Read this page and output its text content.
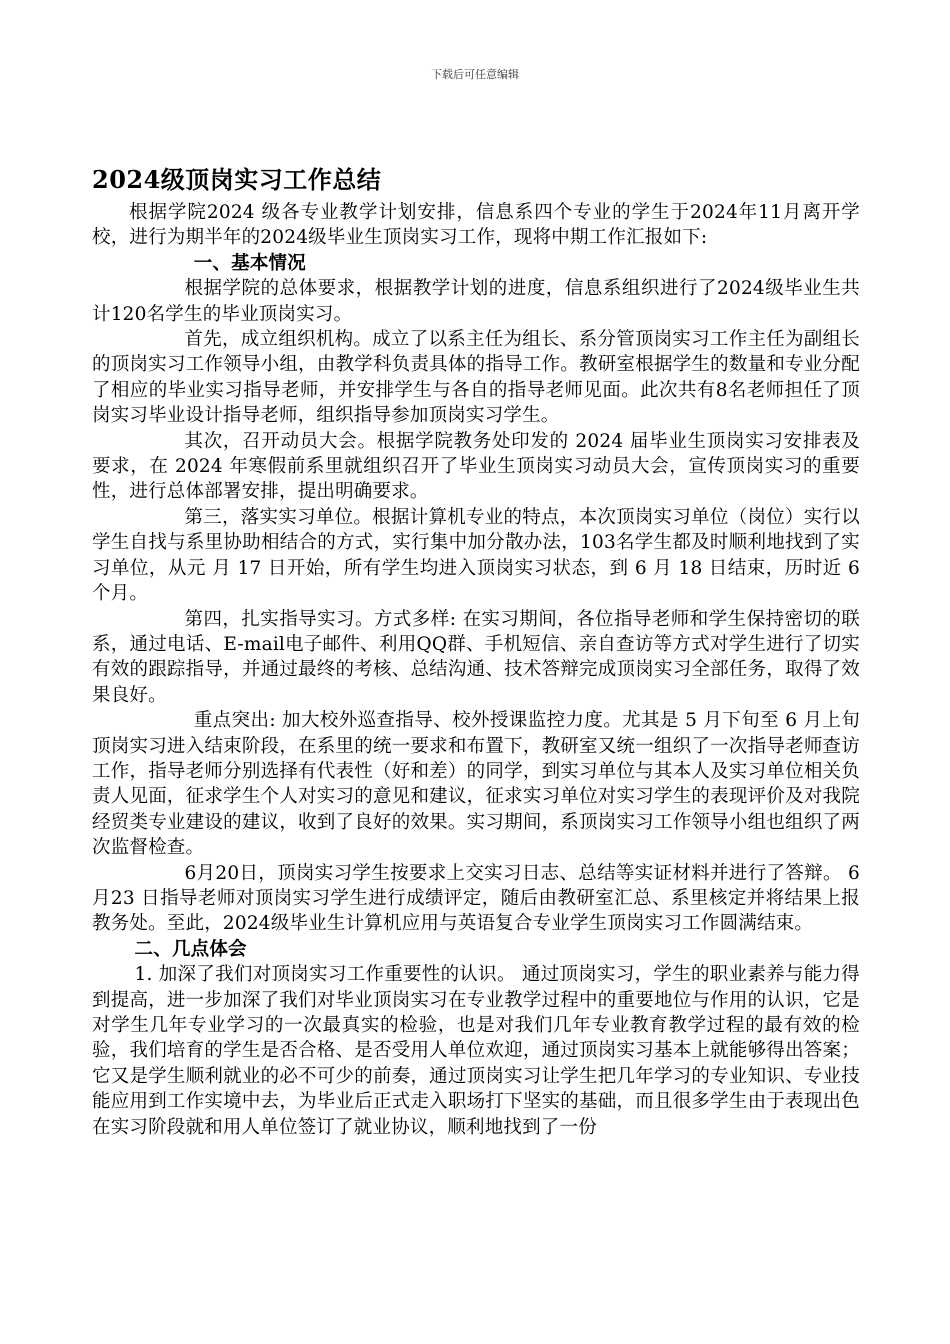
下载后可任意编辑
2024级顶岗实习工作总结

根据学院2024 级各专业教学计划安排，信息系四个专业的学生于2024年11月离开学校，进行为期半年的2024级毕业生顶岗实习工作，现将中期工作汇报如下:

一、基本情况

根据学院的总体要求，根据教学计划的进度，信息系组织进行了2024级毕业生共计120名学生的毕业顶岗实习。

首先，成立组织机构。成立了以系主任为组长、系分管顶岗实习工作主任为副组长的顶岗实习工作领导小组，由教学科负责具体的指导工作。教研室根据学生的数量和专业分配了相应的毕业实习指导老师，并安排学生与各自的指导老师见面。此次共有8名老师担任了顶岗实习毕业设计指导老师，组织指导参加顶岗实习学生。

其次，召开动员大会。根据学院教务处印发的 2024 届毕业生顶岗实习安排表及要求，在 2024 年寒假前系里就组织召开了毕业生顶岗实习动员大会，宣传顶岗实习的重要性，进行总体部署安排，提出明确要求。

第三，落实实习单位。根据计算机专业的特点，本次顶岗实习单位（岗位）实行以学生自找与系里协助相结合的方式，实行集中加分散办法，103名学生都及时顺利地找到了实习单位，从元 月 17 日开始，所有学生均进入顶岗实习状态，到 6 月 18 日结束，历时近 6个月。

第四，扎实指导实习。方式多样: 在实习期间，各位指导老师和学生保持密切的联系，通过电话、E-mail电子邮件、利用QQ群、手机短信、亲自查访等方式对学生进行了切实有效的跟踪指导，并通过最终的考核、总结沟通、技术答辩完成顶岗实习全部任务，取得了效果良好。

重点突出: 加大校外巡查指导、校外授课监控力度。尤其是 5 月下旬至 6 月上旬顶岗实习进入结束阶段，在系里的统一要求和布置下，教研室又统一组织了一次指导老师查访工作，指导老师分别选择有代表性（好和差）的同学，到实习单位与其本人及实习单位相关负责人见面，征求学生个人对实习的意见和建议，征求实习单位对实习学生的表现评价及对我院经贸类专业建设的建议，收到了良好的效果。实习期间，系顶岗实习工作领导小组也组织了两次监督检查。

6月20日，顶岗实习学生按要求上交实习日志、总结等实证材料并进行了答辩。 6月23 日指导老师对顶岗实习学生进行成绩评定，随后由教研室汇总、系里核定并将结果上报教务处。至此，2024级毕业生计算机应用与英语复合专业学生顶岗实习工作圆满结束。

二、几点体会

1. 加深了我们对顶岗实习工作重要性的认识。 通过顶岗实习，学生的职业素养与能力得到提高，进一步加深了我们对毕业顶岗实习在专业教学过程中的重要地位与作用的认识，它是对学生几年专业学习的一次最真实的检验，也是对我们几年专业教育教学过程的最有效的检验，我们培育的学生是否合格、是否受用人单位欢迎，通过顶岗实习基本上就能够得出答案；它又是学生顺利就业的必不可少的前奏，通过顶岗实习让学生把几年学习的专业知识、专业技能应用到工作实境中去，为毕业后正式走入职场打下坚实的基础，而且很多学生由于表现出色在实习阶段就和用人单位签订了就业协议，顺利地找到了一份
